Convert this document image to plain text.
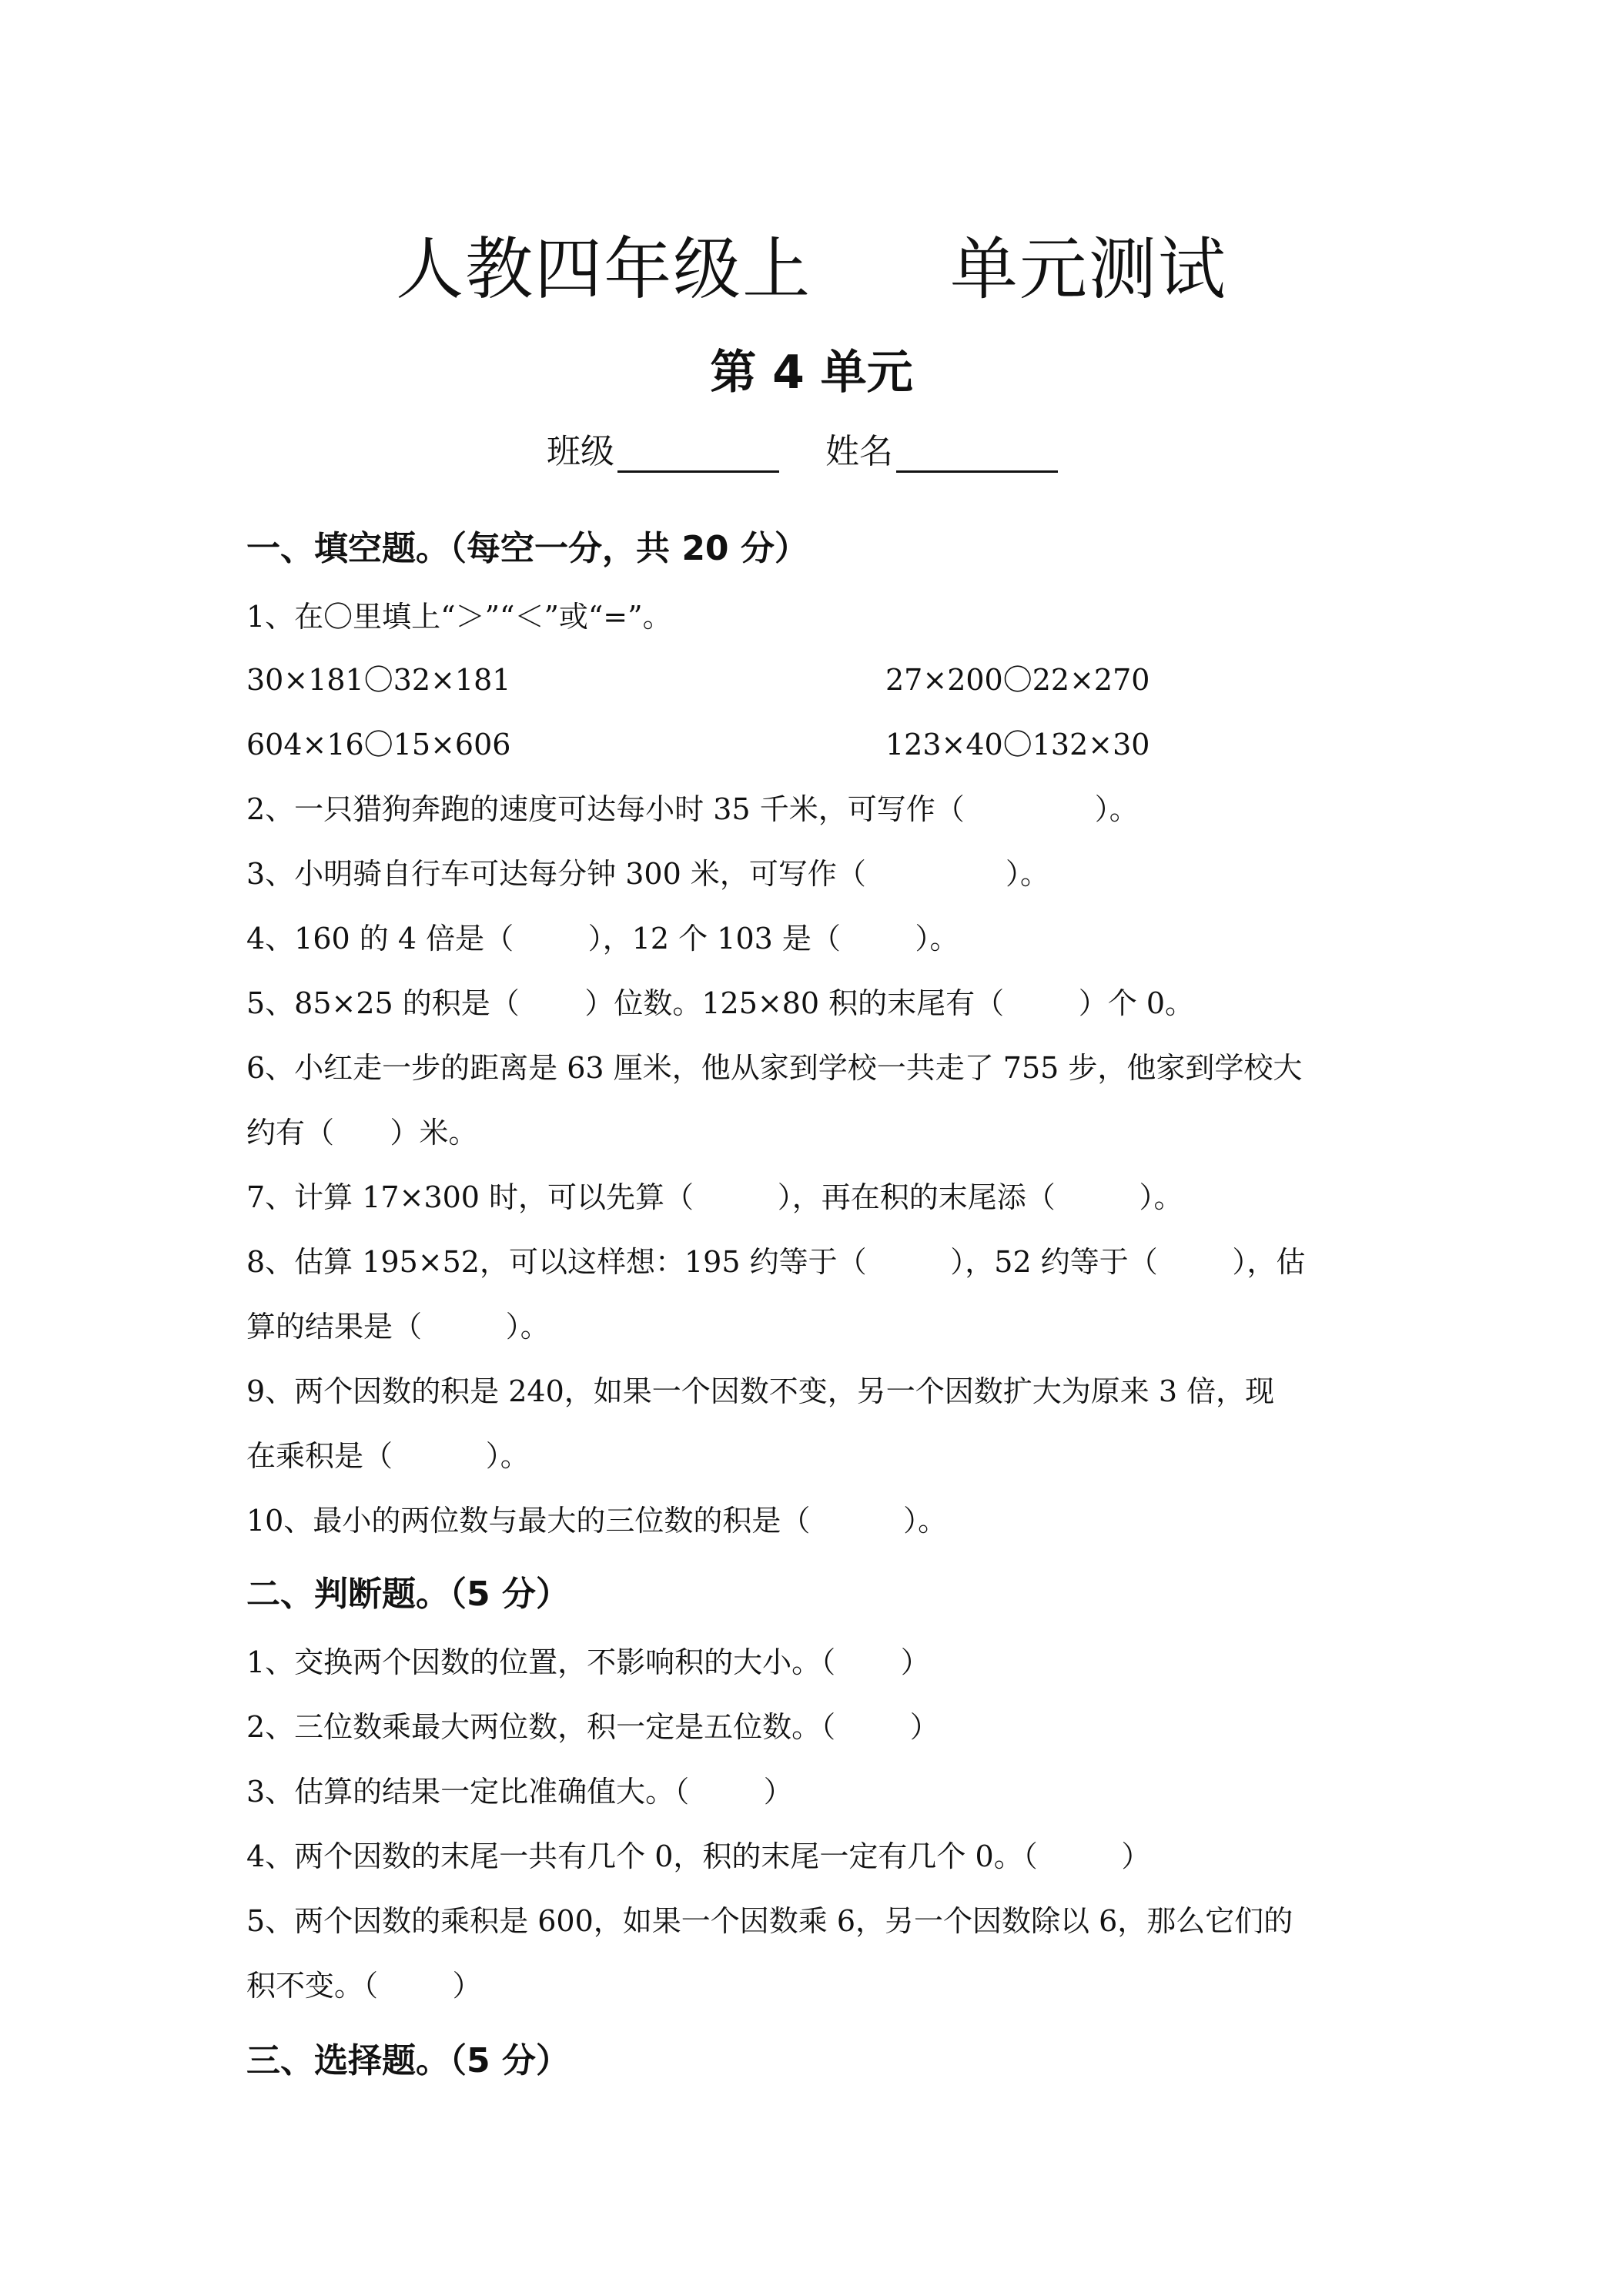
人教四年级上      单元测试
第 4 单元
班级	姓名
一、填空题。（每空一分，共 20 分）
1、在〇里填上“＞”“＜”或“=”。
30×181〇32×181	27×200〇22×270
604×16〇15×606	123×40〇132×30
2、一只猎狗奔跑的速度可达每小时 35 千米，可写作（              ）。
3、小明骑自行车可达每分钟 300 米，可写作（               ）。
4、160 的 4 倍是（        ），12 个 103 是（        ）。
5、85×25 的积是（       ）位数。125×80 积的末尾有（        ）个 0。
6、小红走一步的距离是 63 厘米，他从家到学校一共走了 755 步，他家到学校大
约有（      ）米。
7、计算 17×300 时，可以先算（         ），再在积的末尾添（         ）。
8、估算 195×52，可以这样想：195 约等于（         ），52 约等于（        ），估
算的结果是（         ）。
9、两个因数的积是 240，如果一个因数不变，另一个因数扩大为原来 3 倍，现
在乘积是（          ）。
10、最小的两位数与最大的三位数的积是（          ）。
二、判断题。（5 分）
1、交换两个因数的位置，不影响积的大小。（       ）
2、三位数乘最大两位数，积一定是五位数。（        ）
3、估算的结果一定比准确值大。（        ）
4、两个因数的末尾一共有几个 0，积的末尾一定有几个 0。（         ）
5、两个因数的乘积是 600，如果一个因数乘 6，另一个因数除以 6，那么它们的
积不变。（        ）
三、选择题。（5 分）
